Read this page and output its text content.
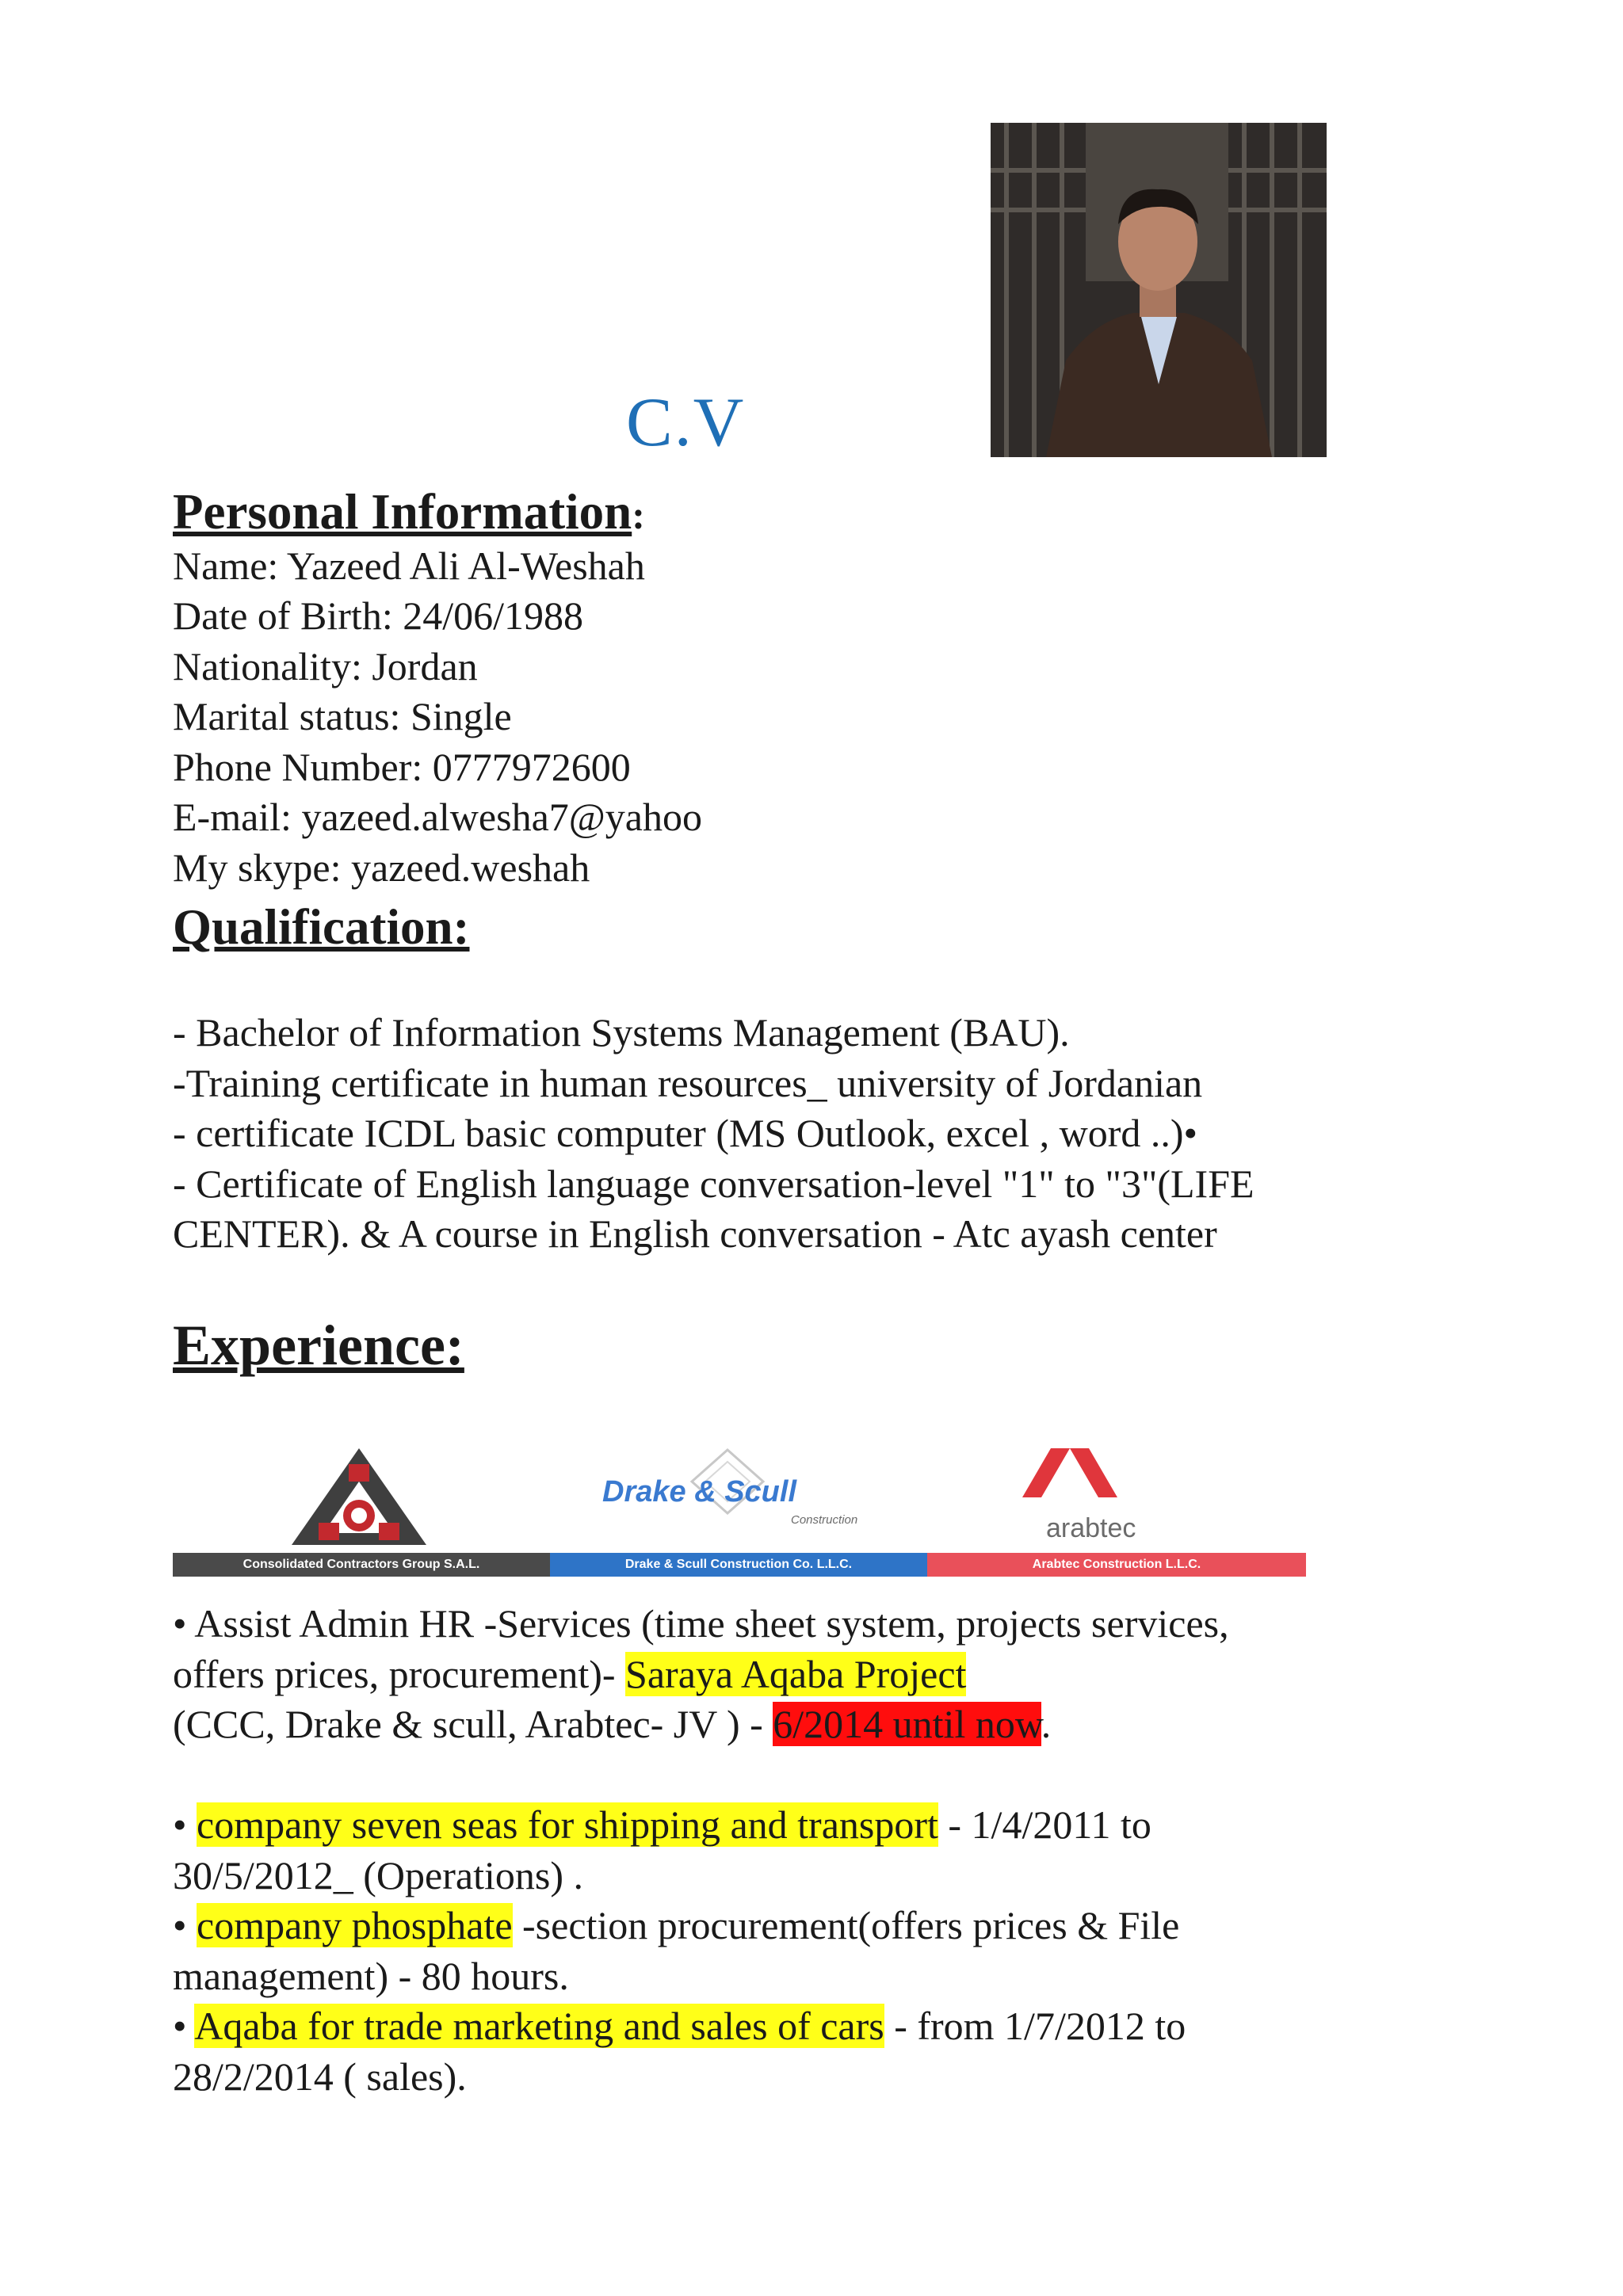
C.V

Personal Information:

Name: Yazeed Ali Al-Weshah

Date of Birth: 24/06/1988

Nationality: Jordan

Marital status: Single

Phone Number: 0777972600

E-mail: yazeed.alwesha7@yahoo

My skype: yazeed.weshah

Qualification:

- Bachelor of Information Systems Management (BAU).

-Training certificate in human resources_ university of Jordanian

- certificate ICDL basic computer (MS Outlook, excel , word ..)•

- Certificate of English language conversation-level "1" to "3"(LIFE

CENTER). & A course in English conversation - Atc ayash center

Experience:
Drake & Scull
Construction	arabtec
Consolidated Contractors Group S.A.L.	Drake & Scull Construction Co. L.L.C.	Arabtec Construction L.L.C.

• Assist Admin HR -Services (time sheet system, projects services,

offers prices, procurement)- Saraya Aqaba Project

(CCC, Drake & scull, Arabtec- JV ) - 6/2014 until now.

• company seven seas for shipping and transport - 1/4/2011 to

30/5/2012_ (Operations) .

• company phosphate -section procurement(offers prices & File

management) - 80 hours.

• Aqaba for trade marketing and sales of cars - from 1/7/2012 to

28/2/2014 ( sales).
